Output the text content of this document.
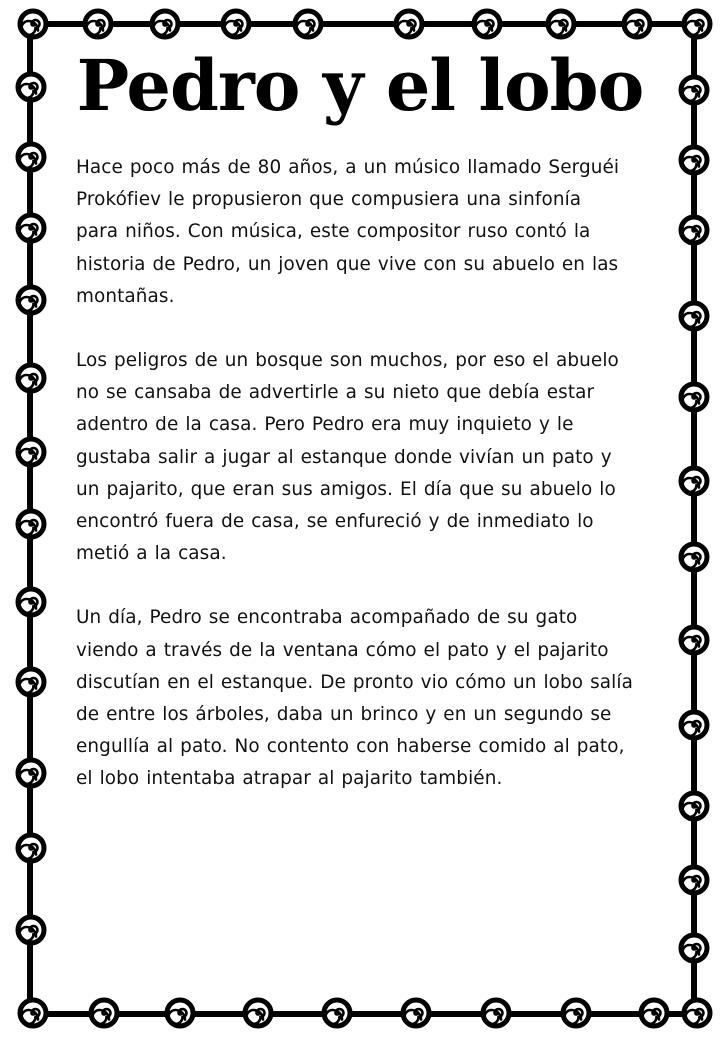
Pedro y el lobo

Hace poco más de 80 años, a un músico llamado Serguéi
Prokófiev le propusieron que compusiera una sinfonía
para niños. Con música, este compositor ruso contó la
historia de Pedro, un joven que vive con su abuelo en las
montañas.

Los peligros de un bosque son muchos, por eso el abuelo
no se cansaba de advertirle a su nieto que debía estar
adentro de la casa. Pero Pedro era muy inquieto y le
gustaba salir a jugar al estanque donde vivían un pato y
un pajarito, que eran sus amigos. El día que su abuelo lo
encontró fuera de casa, se enfureció y de inmediato lo
metió a la casa.

Un día, Pedro se encontraba acompañado de su gato
viendo a través de la ventana cómo el pato y el pajarito
discutían en el estanque. De pronto vio cómo un lobo salía
de entre los árboles, daba un brinco y en un segundo se
engullía al pato. No contento con haberse comido al pato,
el lobo intentaba atrapar al pajarito también.
